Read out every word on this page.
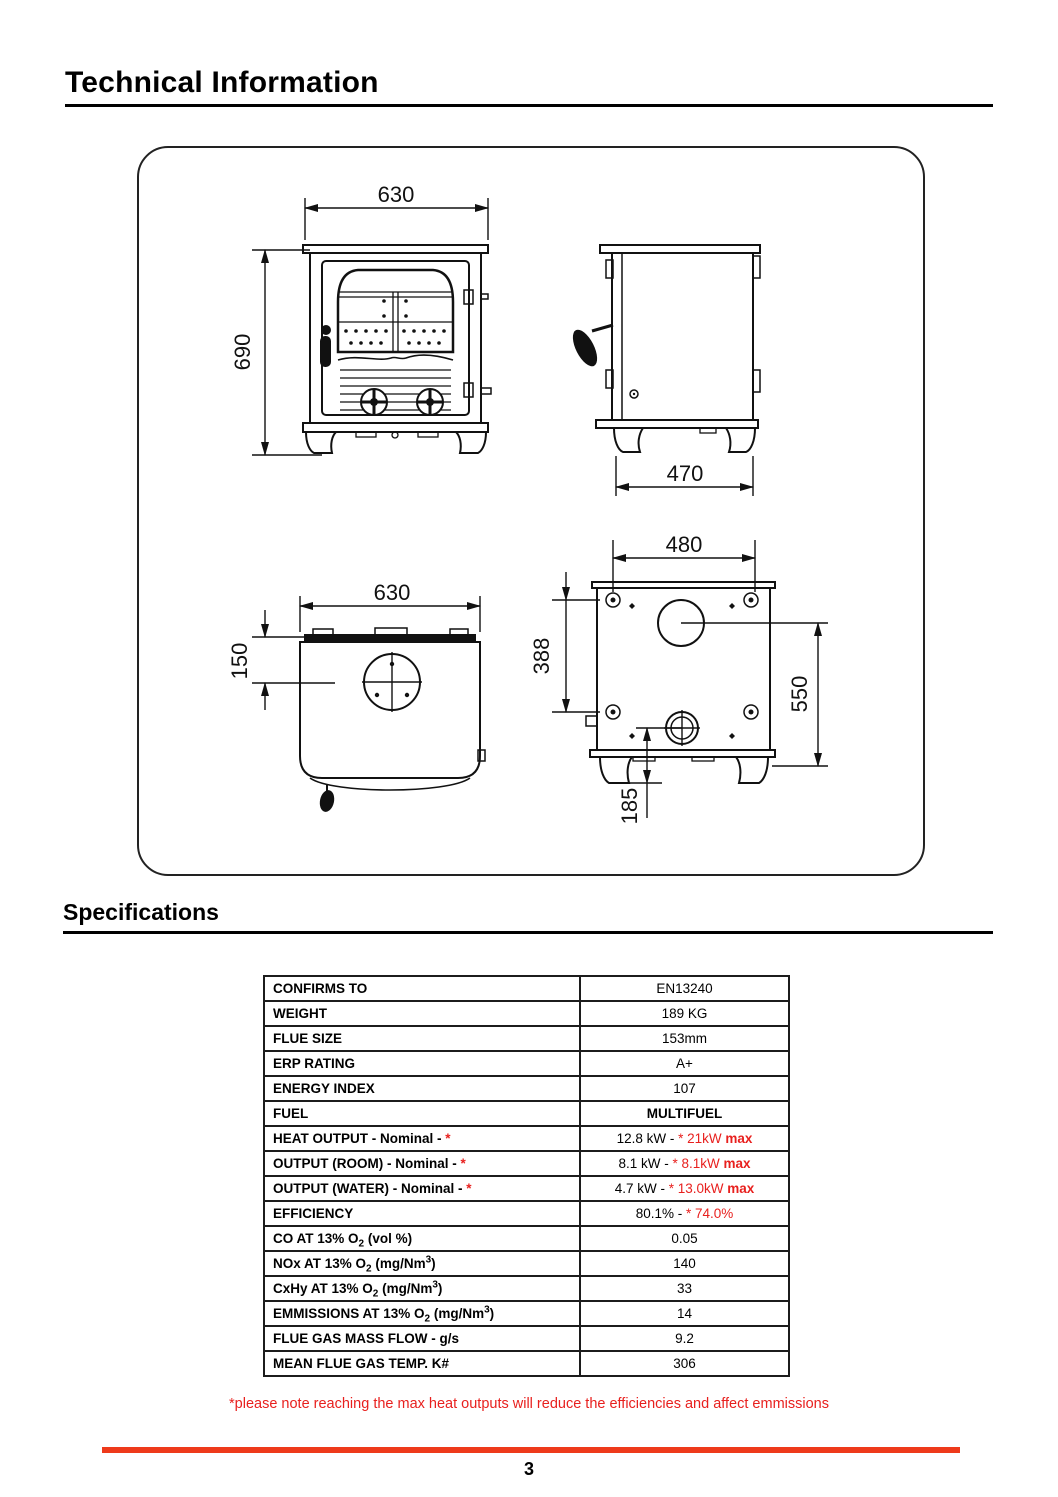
Technical Information
630
690
470
630
150
480
388
550
185
Specifications
CONFIRMS TO	EN13240
WEIGHT	189 KG
FLUE SIZE	153mm
ERP RATING	A+
ENERGY INDEX	107
FUEL	MULTIFUEL
HEAT OUTPUT - Nominal - *	12.8 kW - * 21kW max
OUTPUT (ROOM) - Nominal - *	8.1 kW - * 8.1kW max
OUTPUT (WATER) - Nominal - *	4.7 kW - * 13.0kW max
EFFICIENCY	80.1% - * 74.0%
CO AT 13% $O_2$ (vol %)	0.05
NOx AT 13% $O_2$ (mg/Nm$^3$)	140
CxHy AT 13% $O_2$ (mg/Nm$^3$)	33
EMMISSIONS AT 13% $O_2$ (mg/Nm$^3$)	14
FLUE GAS MASS FLOW - g/s	9.2
MEAN FLUE GAS TEMP. K#	306
*please note reaching the max heat outputs will reduce the efficiencies and affect emmissions
3
